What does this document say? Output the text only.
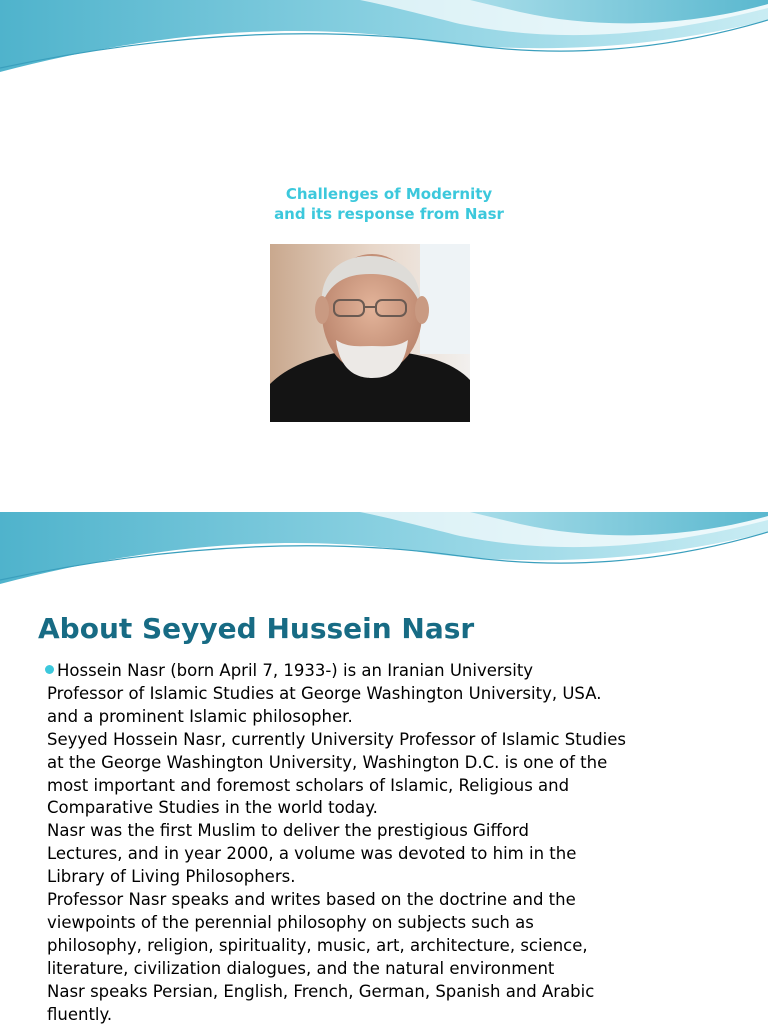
Challenges of Modernity
and its response from Nasr
About Seyyed Hussein Nasr

Hossein Nasr (born April 7, 1933-) is an Iranian University

Professor of Islamic Studies at George Washington University, USA.

and a prominent Islamic philosopher.

Seyyed Hossein Nasr, currently University Professor of Islamic Studies

at the George Washington University, Washington D.C. is one of the

most important and foremost scholars of Islamic, Religious and

Comparative Studies in the world today.

Nasr was the first Muslim to deliver the prestigious Gifford

Lectures, and in year 2000, a volume was devoted to him in the

Library of Living Philosophers.

Professor Nasr speaks and writes based on the doctrine and the

viewpoints of the perennial philosophy on subjects such as

philosophy, religion, spirituality, music, art, architecture, science,

literature, civilization dialogues, and the natural environment

Nasr speaks Persian, English, French, German, Spanish and Arabic

fluently.
